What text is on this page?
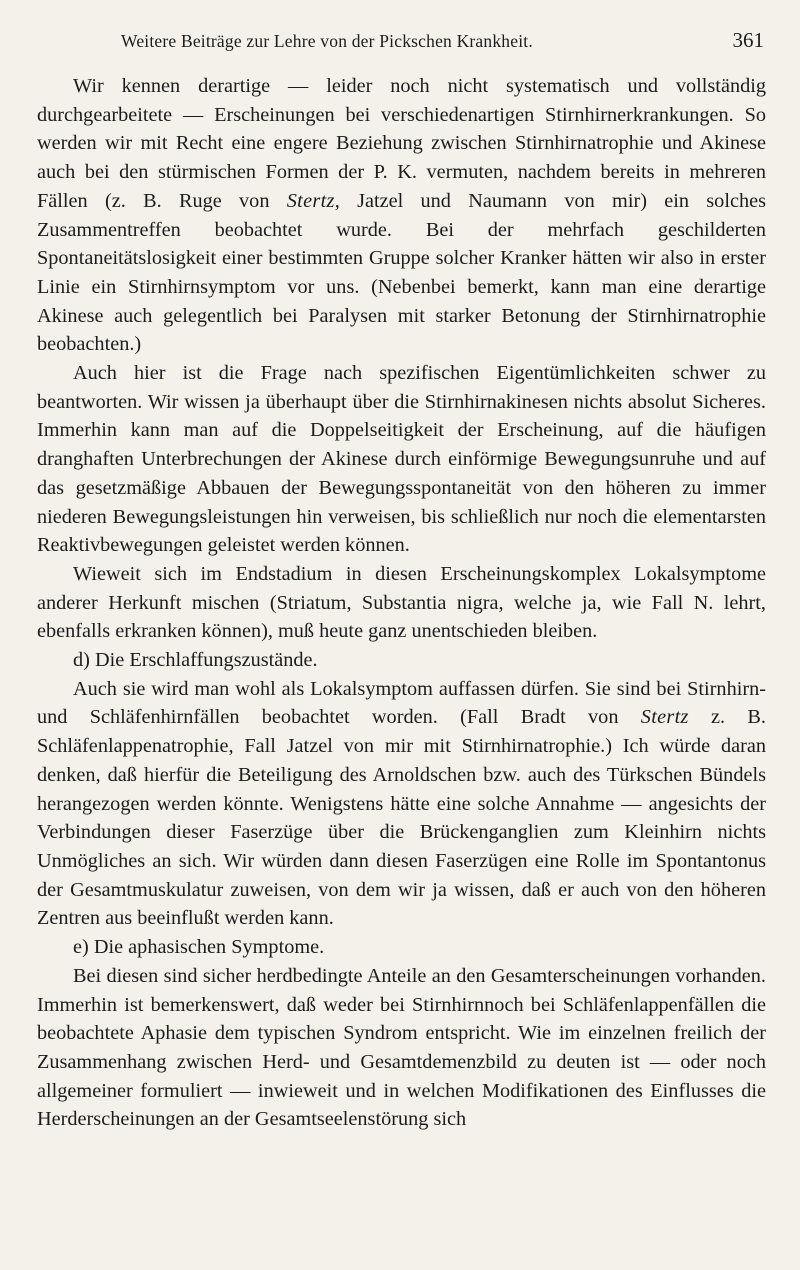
Weitere Beiträge zur Lehre von der Pickschen Krankheit.	361

Wir kennen derartige — leider noch nicht systematisch und vollständig durchgearbeitete — Erscheinungen bei verschiedenartigen Stirnhirnerkrankungen. So werden wir mit Recht eine engere Beziehung zwischen Stirnhirnatrophie und Akinese auch bei den stürmischen Formen der P. K. vermuten, nachdem bereits in mehreren Fällen (z. B. Ruge von Stertz, Jatzel und Naumann von mir) ein solches Zusammentreffen beobachtet wurde. Bei der mehrfach geschilderten Spontaneitätslosigkeit einer bestimmten Gruppe solcher Kranker hätten wir also in erster Linie ein Stirnhirnsymptom vor uns. (Nebenbei bemerkt, kann man eine derartige Akinese auch gelegentlich bei Paralysen mit starker Betonung der Stirnhirnatrophie beobachten.)

Auch hier ist die Frage nach spezifischen Eigentümlichkeiten schwer zu beantworten. Wir wissen ja überhaupt über die Stirnhirnakinesen nichts absolut Sicheres. Immerhin kann man auf die Doppelseitigkeit der Erscheinung, auf die häufigen dranghaften Unterbrechungen der Akinese durch einförmige Bewegungsunruhe und auf das gesetzmäßige Abbauen der Bewegungsspontaneität von den höheren zu immer niederen Bewegungsleistungen hin verweisen, bis schließlich nur noch die elementarsten Reaktivbewegungen geleistet werden können.

Wieweit sich im Endstadium in diesen Erscheinungskomplex Lokalsymptome anderer Herkunft mischen (Striatum, Substantia nigra, welche ja, wie Fall N. lehrt, ebenfalls erkranken können), muß heute ganz unentschieden bleiben.

d) Die Erschlaffungszustände.

Auch sie wird man wohl als Lokalsymptom auffassen dürfen. Sie sind bei Stirnhirn- und Schläfenhirnfällen beobachtet worden. (Fall Bradt von Stertz z. B. Schläfenlappenatrophie, Fall Jatzel von mir mit Stirnhirnatrophie.) Ich würde daran denken, daß hierfür die Beteiligung des Arnoldschen bzw. auch des Türkschen Bündels herangezogen werden könnte. Wenigstens hätte eine solche Annahme — angesichts der Verbindungen dieser Faserzüge über die Brückenganglien zum Kleinhirn nichts Unmögliches an sich. Wir würden dann diesen Faserzügen eine Rolle im Spontantonus der Gesamtmuskulatur zuweisen, von dem wir ja wissen, daß er auch von den höheren Zentren aus beeinflußt werden kann.

e) Die aphasischen Symptome.

Bei diesen sind sicher herdbedingte Anteile an den Gesamterscheinungen vorhanden. Immerhin ist bemerkenswert, daß weder bei Stirnhirnnoch bei Schläfenlappenfällen die beobachtete Aphasie dem typischen Syndrom entspricht. Wie im einzelnen freilich der Zusammenhang zwischen Herd- und Gesamtdemenzbild zu deuten ist — oder noch allgemeiner formuliert — inwieweit und in welchen Modifikationen des Einflusses die Herderscheinungen an der Gesamtseelenstörung sich
